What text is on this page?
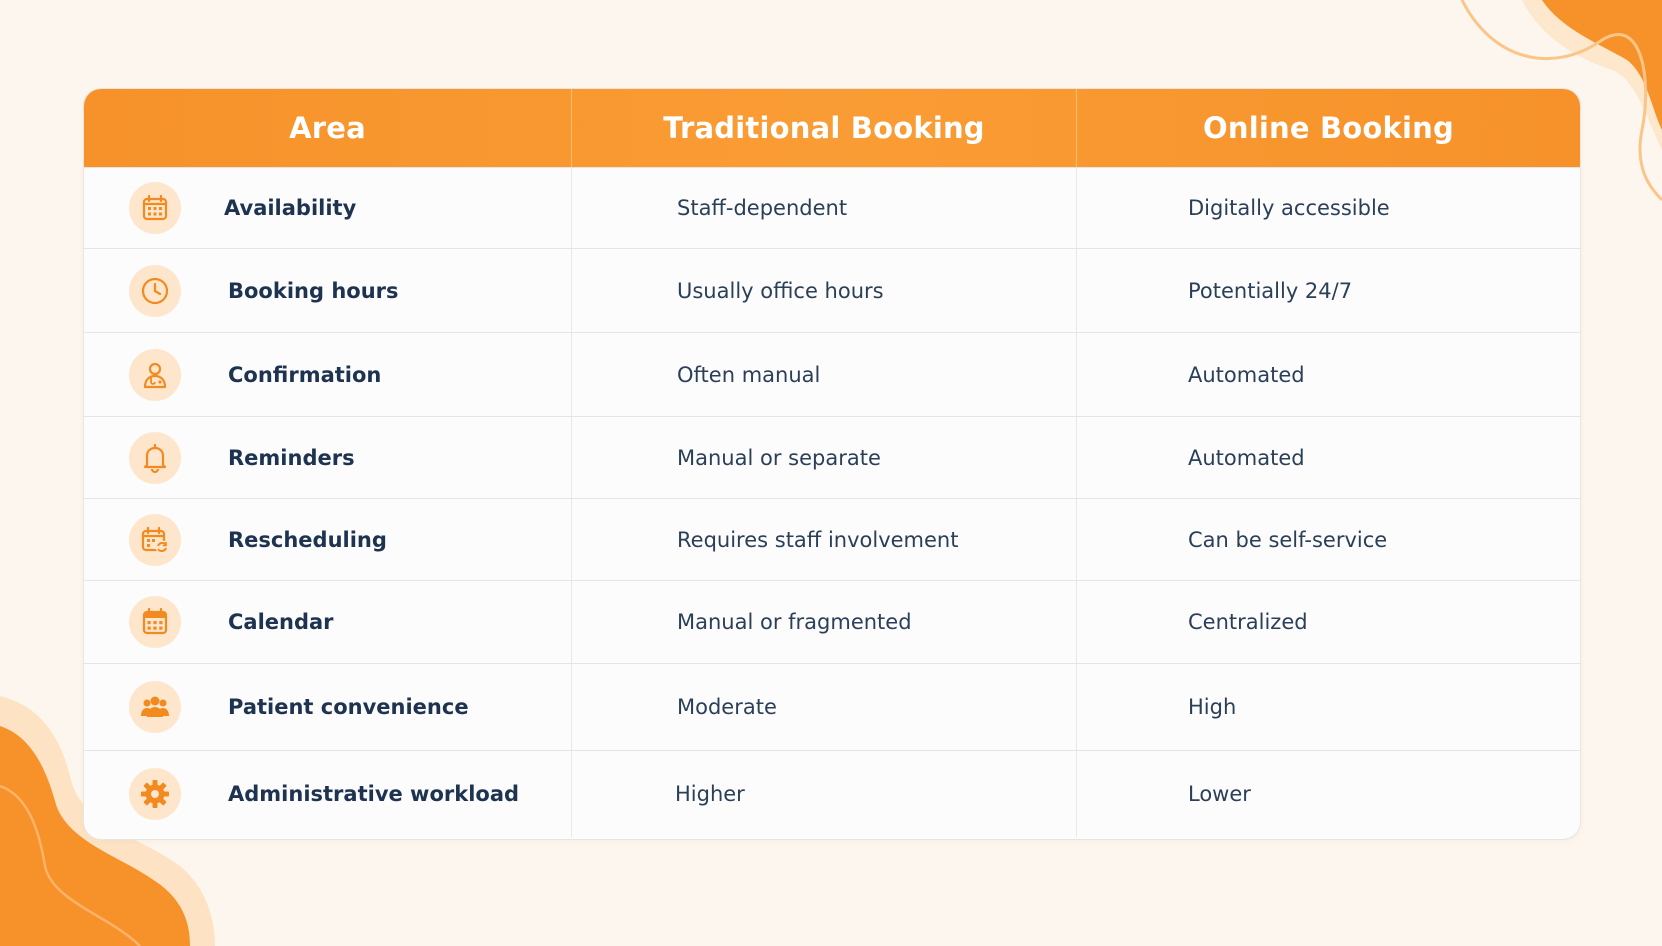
Area	Traditional Booking	Online Booking
Availability	Staff-dependent	Digitally accessible
Booking hours	Usually office hours	Potentially 24/7
Confirmation	Often manual	Automated
Reminders	Manual or separate	Automated
Rescheduling	Requires staff involvement	Can be self-service
Calendar	Manual or fragmented	Centralized
Patient convenience	Moderate	High
Administrative workload	Higher	Lower
